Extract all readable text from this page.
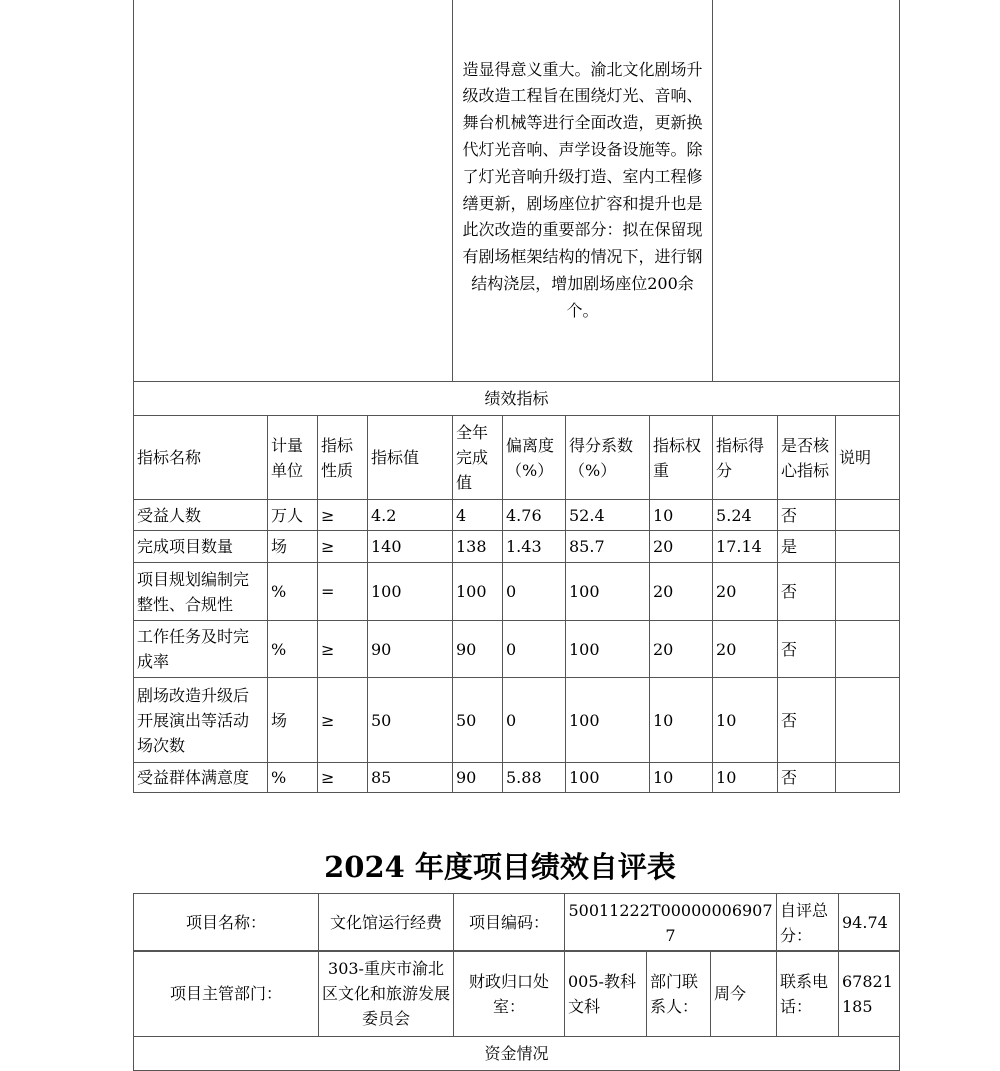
				造显得意义重大。渝北文化剧场升级改造工程旨在围绕灯光、音响、舞台机械等进行全面改造，更新换代灯光音响、声学设备设施等。除了灯光音响升级打造、室内工程修缮更新，剧场座位扩容和提升也是此次改造的重要部分：拟在保留现有剧场框架结构的情况下，进行钢结构浇层，增加剧场座位200余个。						
绩效指标										
指标名称	计量单位	指标性质	指标值	全年完成值	偏离度（%）	得分系数（%）	指标权重	指标得分	是否核心指标	说明
受益人数	万人	≥	4.2	4	4.76	52.4	10	5.24	否	
完成项目数量	场	≥	140	138	1.43	85.7	20	17.14	是	
项目规划编制完整性、合规性	%	=	100	100	0	100	20	20	否	
工作任务及时完成率	%	≥	90	90	0	100	20	20	否	
剧场改造升级后开展演出等活动场次数	场	≥	50	50	0	100	10	10	否	
受益群体满意度	%	≥	85	90	5.88	100	10	10	否	
2024 年度项目绩效自评表
项目名称：	文化馆运行经费	项目编码：	50011222T000000069077	自评总分：	94.74
项目主管部门：	303-重庆市渝北区文化和旅游发展委员会	财政归口处室：	005-教科文科	部门联系人：	周今	联系电话：	67821185
资金情况
